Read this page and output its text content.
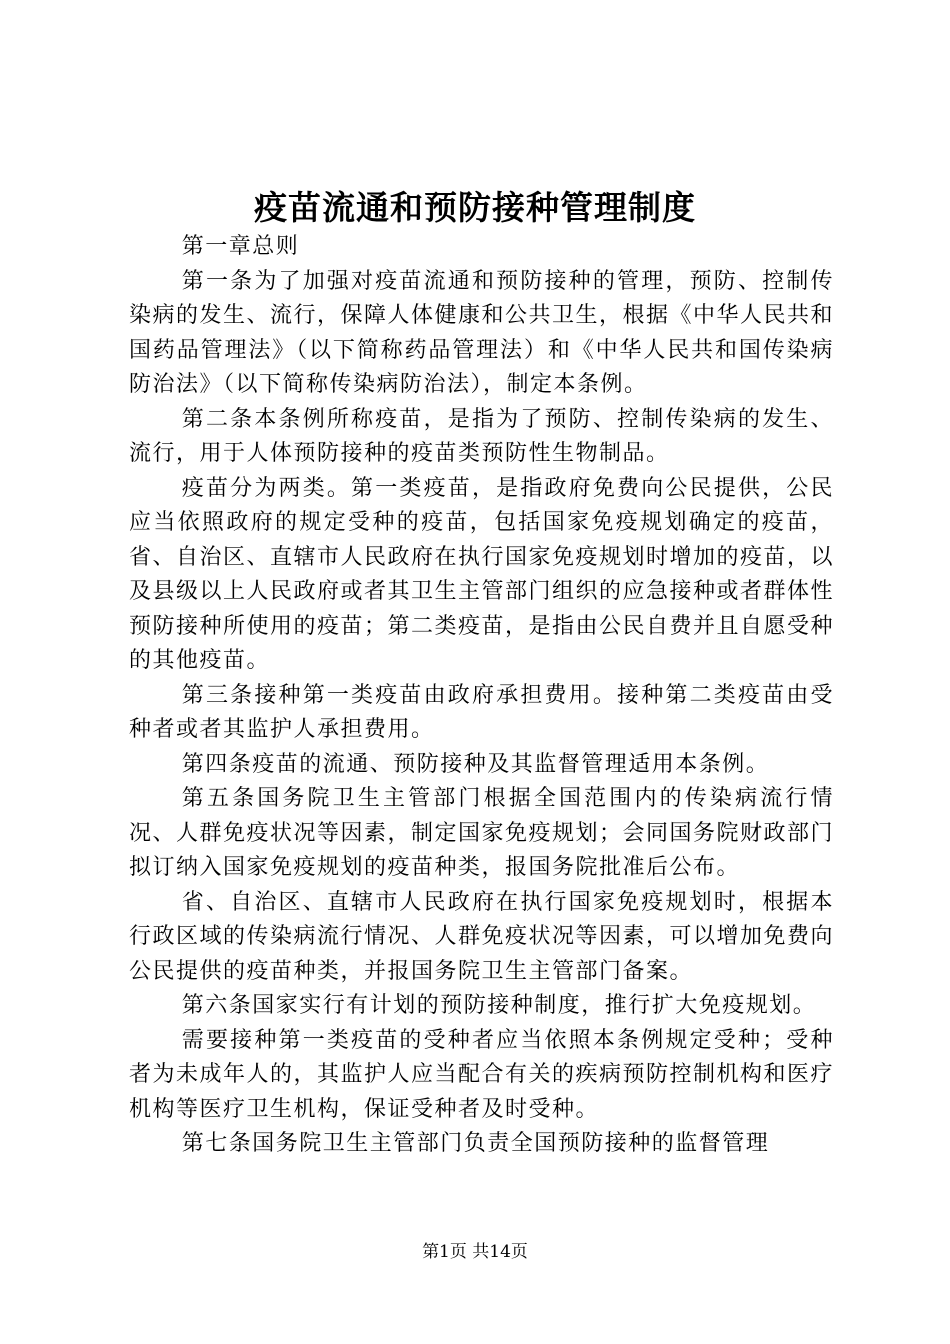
疫苗流通和预防接种管理制度

第一章总则

第一条为了加强对疫苗流通和预防接种的管理，预防、控制传染病的发生、流行，保障人体健康和公共卫生，根据《中华人民共和国药品管理法》（以下简称药品管理法）和《中华人民共和国传染病防治法》（以下简称传染病防治法），制定本条例。

第二条本条例所称疫苗，是指为了预防、控制传染病的发生、流行，用于人体预防接种的疫苗类预防性生物制品。

疫苗分为两类。第一类疫苗，是指政府免费向公民提供，公民应当依照政府的规定受种的疫苗，包括国家免疫规划确定的疫苗，省、自治区、直辖市人民政府在执行国家免疫规划时增加的疫苗，以及县级以上人民政府或者其卫生主管部门组织的应急接种或者群体性预防接种所使用的疫苗；第二类疫苗，是指由公民自费并且自愿受种的其他疫苗。

第三条接种第一类疫苗由政府承担费用。接种第二类疫苗由受种者或者其监护人承担费用。

第四条疫苗的流通、预防接种及其监督管理适用本条例。

第五条国务院卫生主管部门根据全国范围内的传染病流行情况、人群免疫状况等因素，制定国家免疫规划；会同国务院财政部门拟订纳入国家免疫规划的疫苗种类，报国务院批准后公布。

省、自治区、直辖市人民政府在执行国家免疫规划时，根据本行政区域的传染病流行情况、人群免疫状况等因素，可以增加免费向公民提供的疫苗种类，并报国务院卫生主管部门备案。

第六条国家实行有计划的预防接种制度，推行扩大免疫规划。

需要接种第一类疫苗的受种者应当依照本条例规定受种；受种者为未成年人的，其监护人应当配合有关的疾病预防控制机构和医疗机构等医疗卫生机构，保证受种者及时受种。

第七条国务院卫生主管部门负责全国预防接种的监督管理

第1页 共14页
